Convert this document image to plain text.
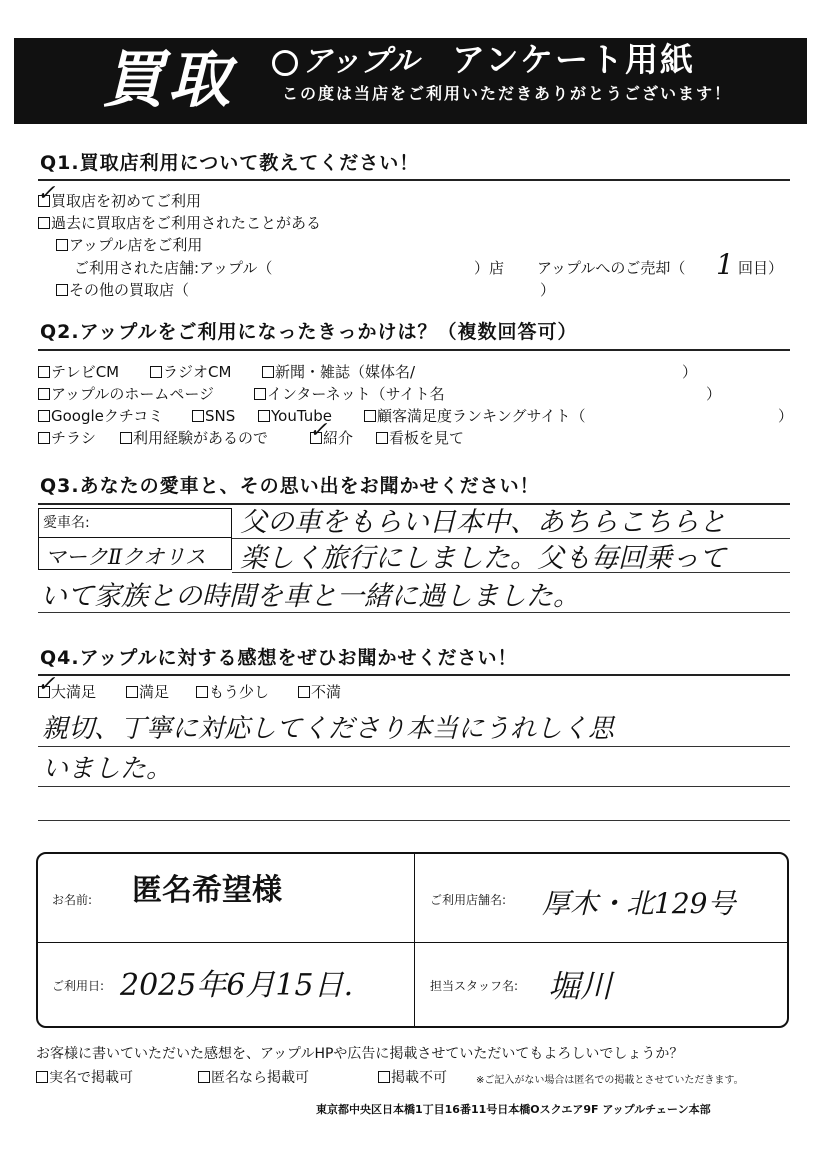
買取	アップル アンケート用紙
この度は当店をご利用いただきありがとうございます！
Q1.買取店利用について教えてください！
✓
買取店を初めてご利用
過去に買取店をご利用されたことがある
アップル店をご利用
ご利用された店舗:アップル（	）店 アップルへのご売却（ 1 回目）
その他の買取店（	）
Q2.アップルをご利用になったきっかけは？（複数回答可）
テレビCM	ラジオCM	新聞・雑誌（媒体名/	）
アップルのホームページ	インターネット（サイト名	）
Googleクチコミ	SNS	YouTube	顧客満足度ランキングサイト（	）
チラシ	利用経験があるので ✓
紹介	看板を見て
Q3.あなたの愛車と、その思い出をお聞かせください！
愛車名:
マークⅡクオリス
父の車をもらい日本中、あちらこちらと
楽しく旅行にしました。父も毎回乗って
いて家族との時間を車と一緒に過しました。
Q4.アップルに対する感想をぜひお聞かせください！
✓
大満足	満足	もう少し	不満
親切、丁寧に対応してくださり本当にうれしく思
いました。
お名前: 匿名希望様	ご利用店舗名: 厚木・北129号
ご利用日: 2025年6月15日.	担当スタッフ名: 堀川
お客様に書いていただいた感想を、アップルHPや広告に掲載させていただいてもよろしいでしょうか？
実名で掲載可	匿名なら掲載可	掲載不可	※ご記入がない場合は匿名での掲載とさせていただきます。
東京都中央区日本橋1丁目16番11号日本橋Oスクエア9F アップルチェーン本部
